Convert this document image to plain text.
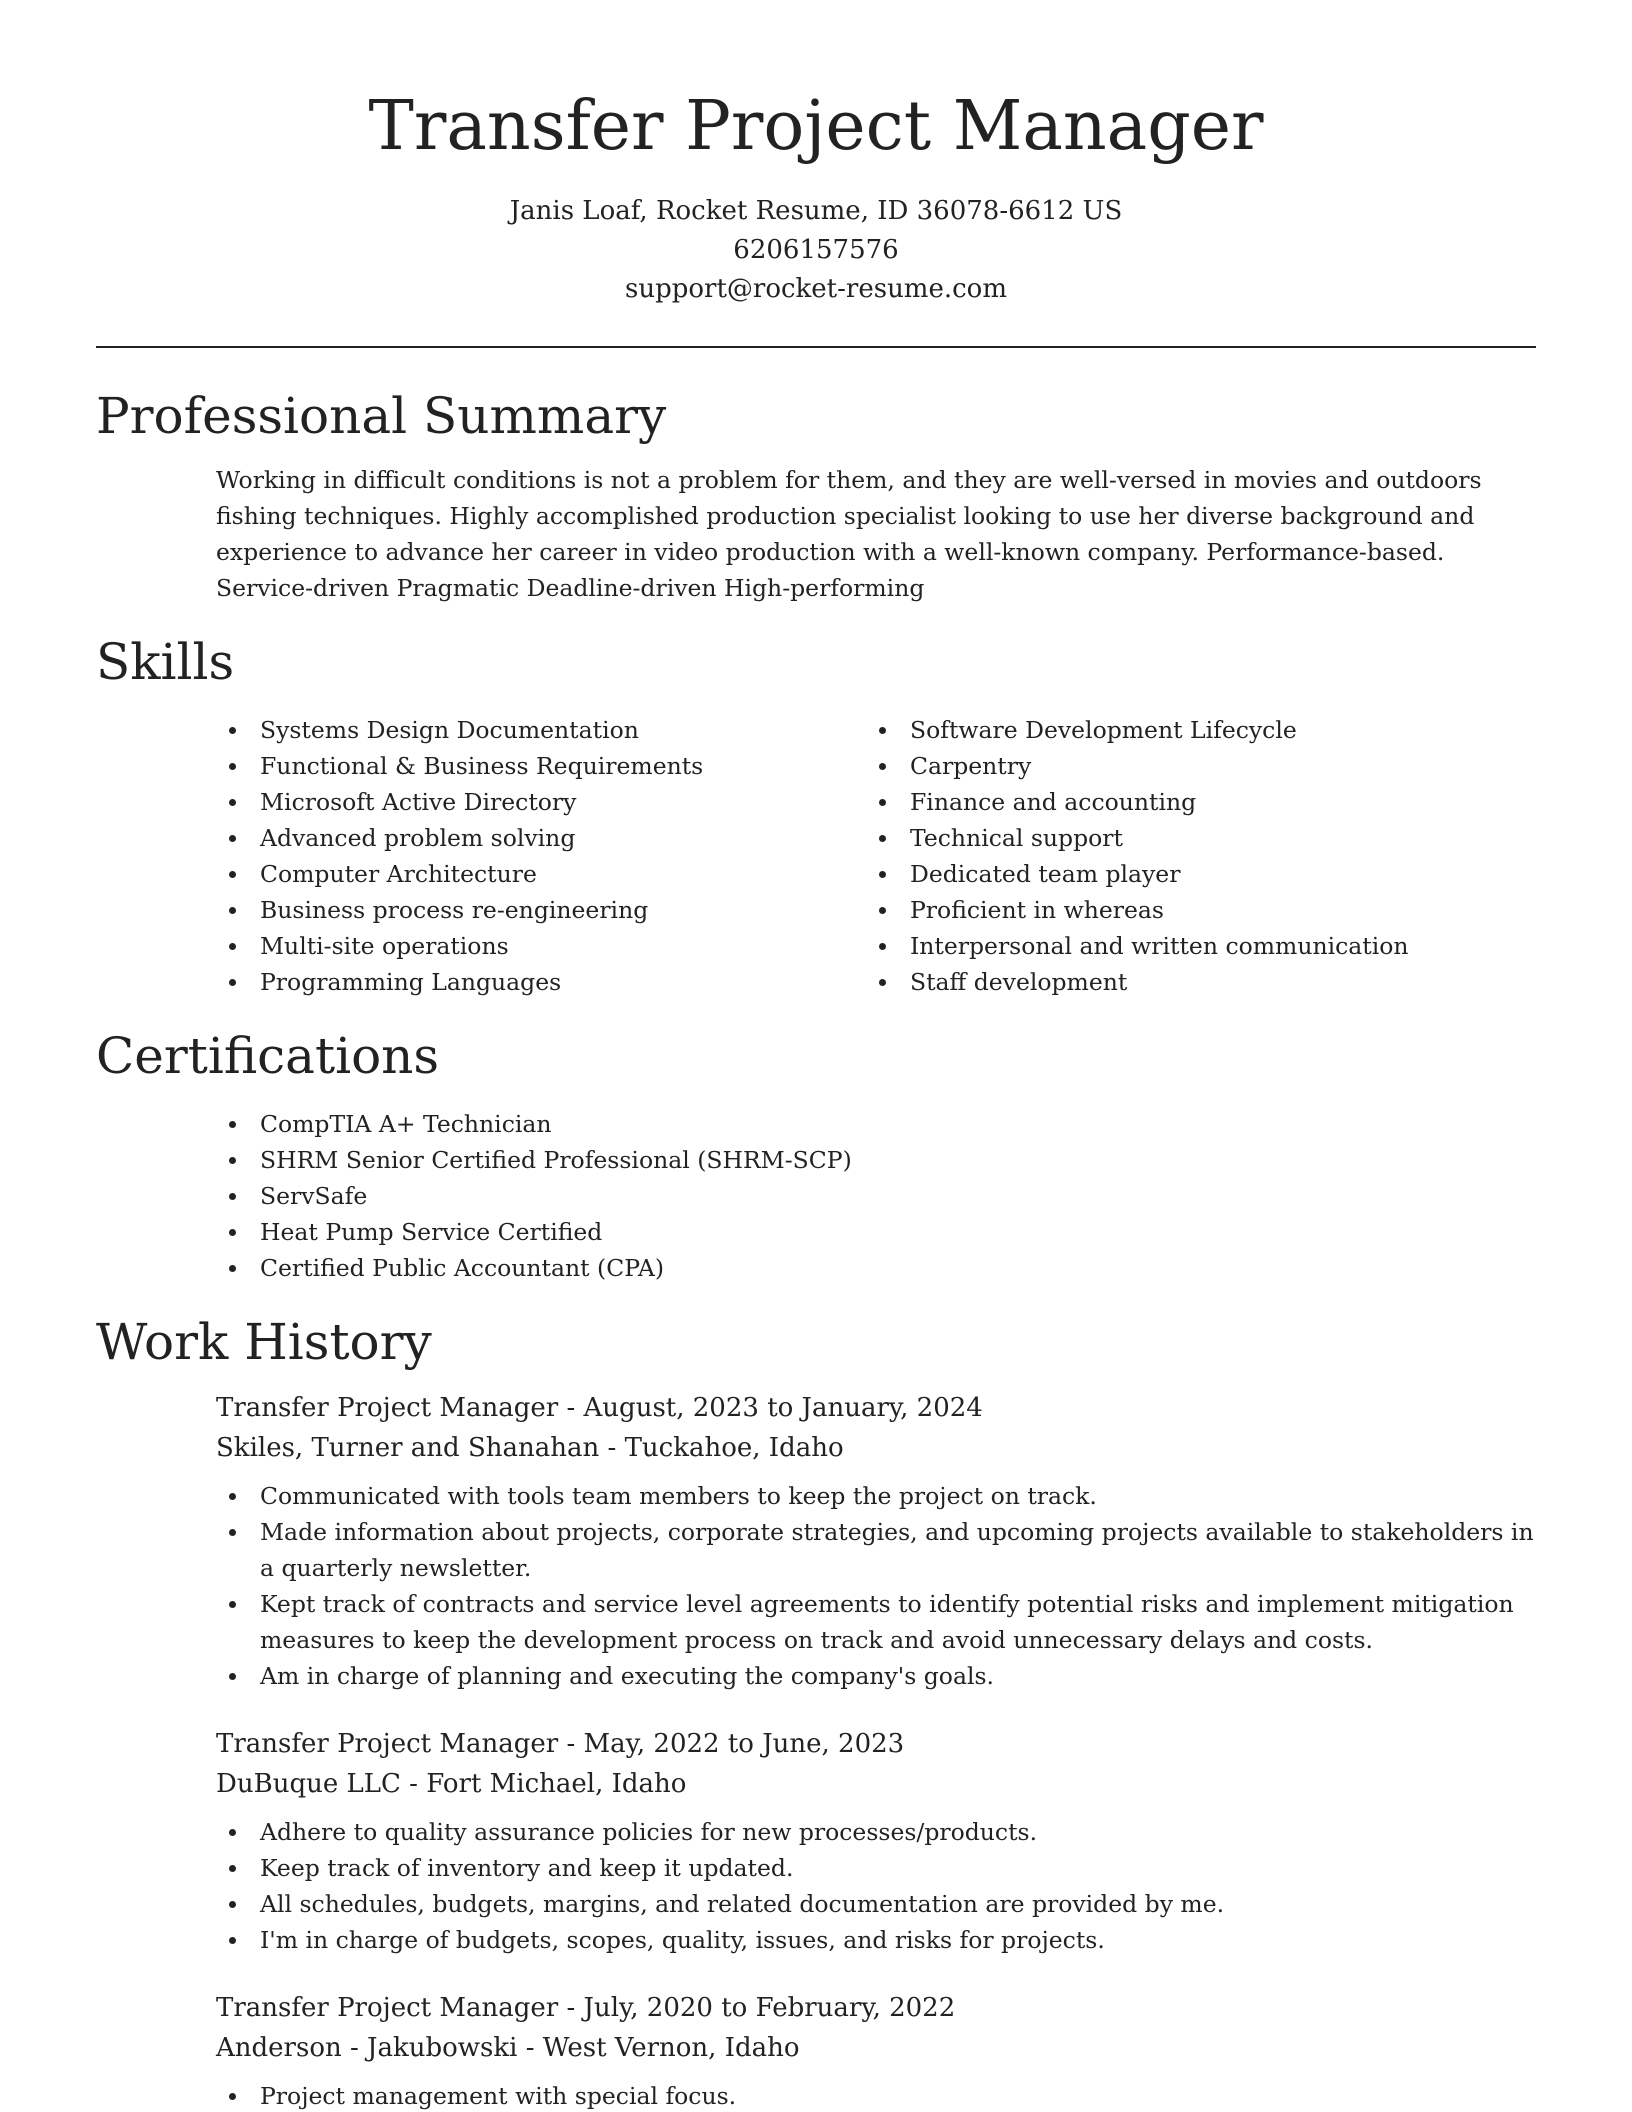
Transfer Project Manager
Janis Loaf, Rocket Resume, ID 36078-6612 US
6206157576
support@rocket-resume.com
Professional Summary
Working in difficult conditions is not a problem for them, and they are well-versed in movies and outdoors fishing techniques. Highly accomplished production specialist looking to use her diverse background and experience to advance her career in video production with a well-known company. Performance-based. Service-driven Pragmatic Deadline-driven High-performing
Skills
Systems Design Documentation
Functional & Business Requirements
Microsoft Active Directory
Advanced problem solving
Computer Architecture
Business process re-engineering
Multi-site operations
Programming Languages
Software Development Lifecycle
Carpentry
Finance and accounting
Technical support
Dedicated team player
Proficient in whereas
Interpersonal and written communication
Staff development
Certifications
CompTIA A+ Technician
SHRM Senior Certified Professional (SHRM-SCP)
ServSafe
Heat Pump Service Certified
Certified Public Accountant (CPA)
Work History
Transfer Project Manager - August, 2023 to January, 2024
Skiles, Turner and Shanahan - Tuckahoe, Idaho
Communicated with tools team members to keep the project on track.
Made information about projects, corporate strategies, and upcoming projects available to stakeholders in a quarterly newsletter.
Kept track of contracts and service level agreements to identify potential risks and implement mitigation measures to keep the development process on track and avoid unnecessary delays and costs.
Am in charge of planning and executing the company's goals.
Transfer Project Manager - May, 2022 to June, 2023
DuBuque LLC - Fort Michael, Idaho
Adhere to quality assurance policies for new processes/products.
Keep track of inventory and keep it updated.
All schedules, budgets, margins, and related documentation are provided by me.
I'm in charge of budgets, scopes, quality, issues, and risks for projects.
Transfer Project Manager - July, 2020 to February, 2022
Anderson - Jakubowski - West Vernon, Idaho
Project management with special focus.
